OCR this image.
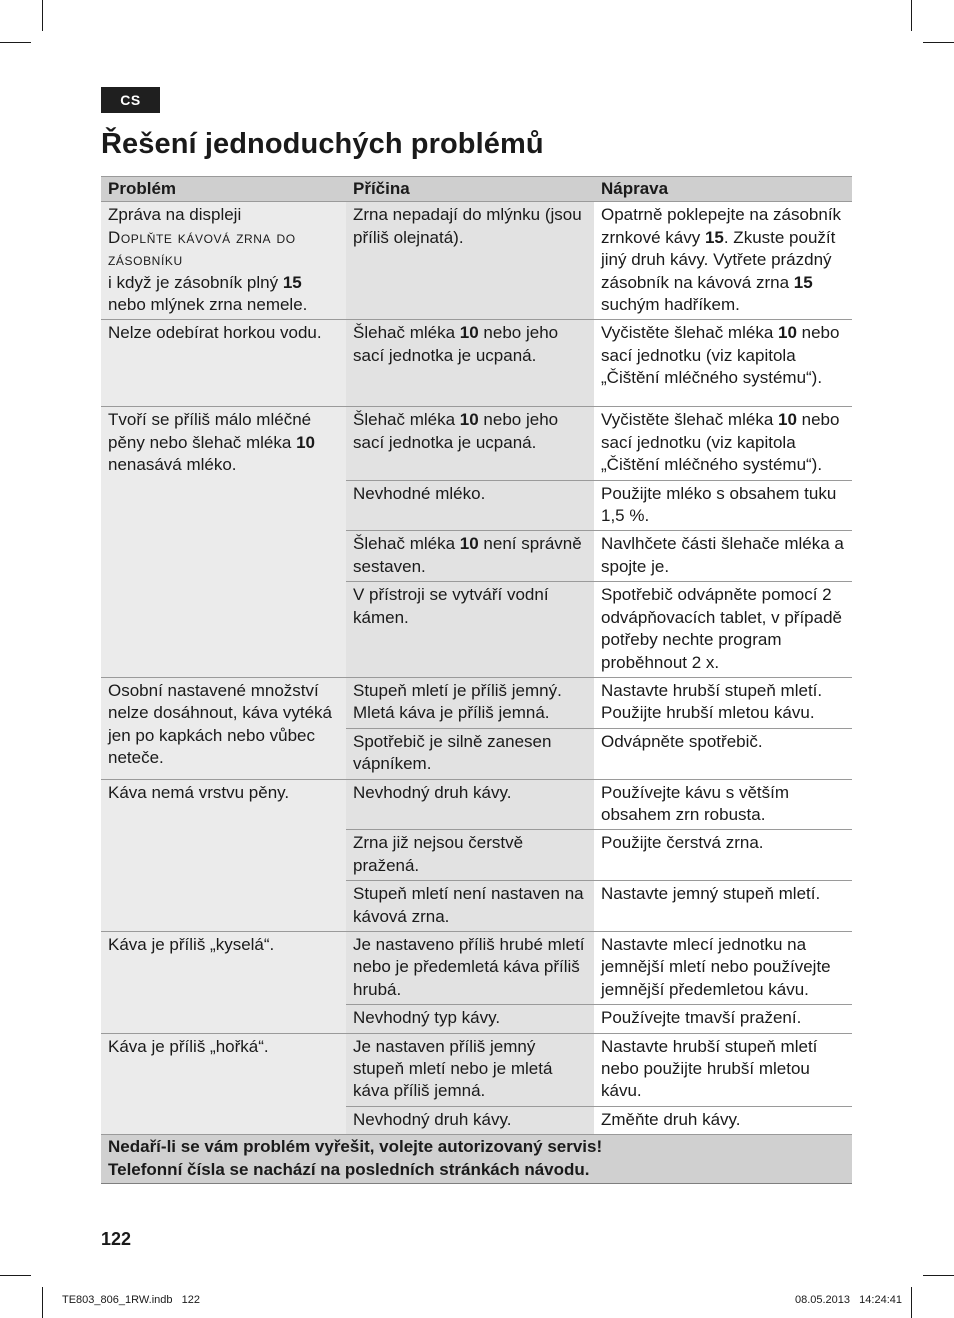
CS
Řešení jednoduchých problémů
Problém	Příčina	Náprava
Zpráva na displeji
Doplňte kávová zrna do zásobníku
i když je zásobník plný 15 nebo mlýnek zrna nemele.	Zrna nepadají do mlýnku (jsou příliš olejnatá).	Opatrně poklepejte na zásobník zrnkové kávy 15. Zkuste použít jiný druh kávy. Vytřete prázdný zásobník na kávová zrna 15 suchým hadříkem.
Nelze odebírat horkou vodu.	Šlehač mléka 10 nebo jeho sací jednotka je ucpaná.	Vyčistěte šlehač mléka 10 nebo sací jednotku (viz kapitola „Čištění mléčného systému“).
Tvoří se příliš málo mléčné pěny nebo šlehač mléka 10 nenasává mléko.	Šlehač mléka 10 nebo jeho sací jednotka je ucpaná.	Vyčistěte šlehač mléka 10 nebo sací jednotku (viz kapitola „Čištění mléčného systému“).
	Nevhodné mléko.	Použijte mléko s obsahem tuku 1,5 %.
	Šlehač mléka 10 není správně sestaven.	Navlhčete části šlehače mléka a spojte je.
	V přístroji se vytváří vodní kámen.	Spotřebič odvápněte pomocí 2 odvápňovacích tablet, v případě potřeby nechte program proběhnout 2 x.
Osobní nastavené množství nelze dosáhnout, káva vytéká jen po kapkách nebo vůbec neteče.	Stupeň mletí je příliš jemný. Mletá káva je příliš jemná.	Nastavte hrubší stupeň mletí. Použijte hrubší mletou kávu.
	Spotřebič je silně zanesen vápníkem.	Odvápněte spotřebič.
Káva nemá vrstvu pěny.	Nevhodný druh kávy.	Používejte kávu s větším obsahem zrn robusta.
	Zrna již nejsou čerstvě pražená.	Použijte čerstvá zrna.
	Stupeň mletí není nastaven na kávová zrna.	Nastavte jemný stupeň mletí.
Káva je příliš „kyselá“.	Je nastaveno příliš hrubé mletí nebo je předemletá káva příliš hrubá.	Nastavte mlecí jednotku na jemnější mletí nebo používejte jemnější předemletou kávu.
	Nevhodný typ kávy.	Používejte tmavší pražení.
Káva je příliš „hořká“.	Je nastaven příliš jemný stupeň mletí nebo je mletá káva příliš jemná.	Nastavte hrubší stupeň mletí nebo použijte hrubší mletou kávu.
	Nevhodný druh kávy.	Změňte druh kávy.
Nedaří-li se vám problém vyřešit, volejte autorizovaný servis!
Telefonní čísla se nachází na posledních stránkách návodu.		
122
TE803_806_1RW.indb   122	08.05.2013   14:24:41
